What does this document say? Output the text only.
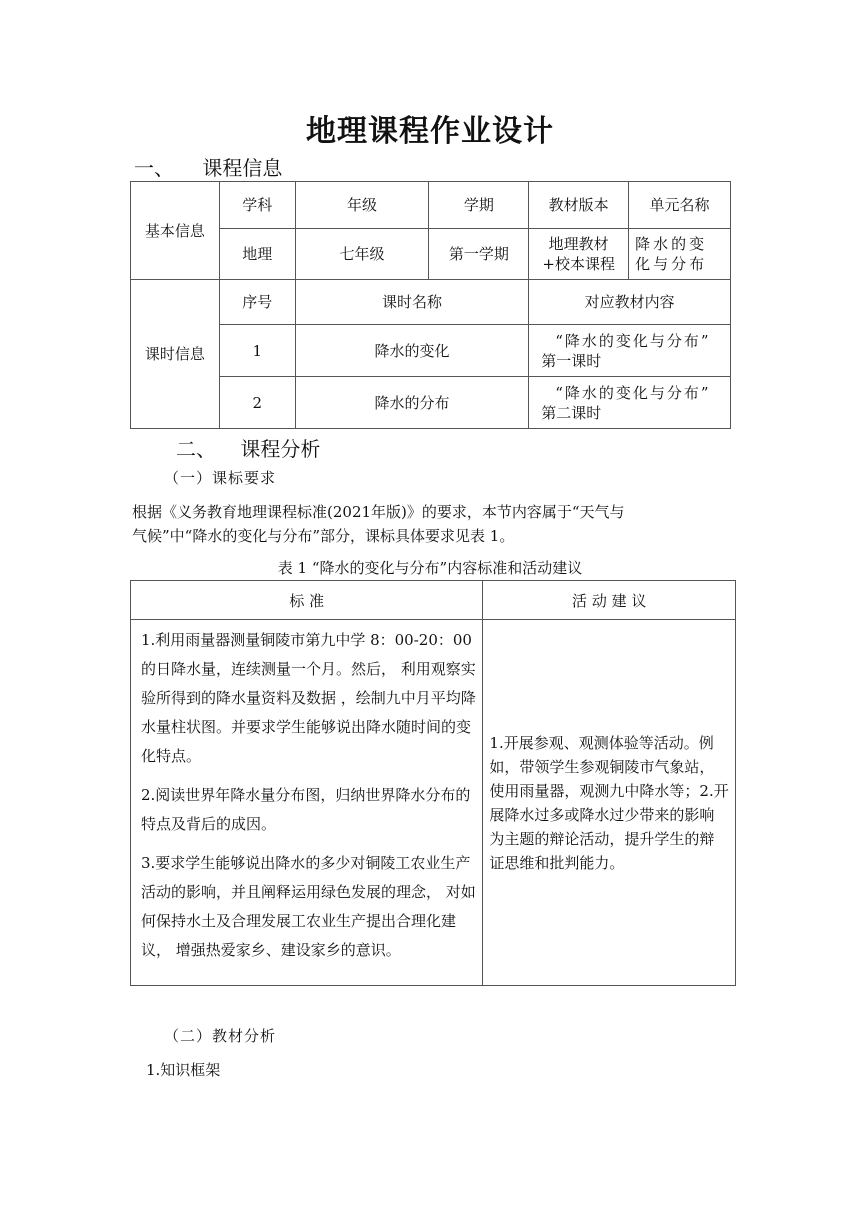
地理课程作业设计
一、 课程信息
基本信息	学科	年级	学期	教材版本	单元名称
	地理	七年级	第一学期	地理教材+校本课程	降水的变化与分布
课时信息	序号	课时名称		对应教材内容	
	1	降水的变化		“降水的变化与分布”
第一课时	

	2	降水的分布		“降水的变化与分布”
第二课时	
二、 课程分析
（一）课标要求
根据《义务教育地理课程标准(2021年版)》的要求，本节内容属于“天气与
气候”中“降水的变化与分布”部分，课标具体要求见表 1。
表 1 “降水的变化与分布”内容标准和活动建议
标 准	活 动 建 议

1.利用雨量器测量铜陵市第九中学 8：00-20：00 的日降水量，连续测量一个月。然后， 利用观察实验所得到的降水量资料及数据 ，绘制九中月平均降水量柱状图。并要求学生能够说出降水随时间的变化特点。

2.阅读世界年降水量分布图，归纳世界降水分布的特点及背后的成因。

3.要求学生能够说出降水的多少对铜陵工农业生产活动的影响，并且阐释运用绿色发展的理念， 对如何保持水土及合理发展工农业生产提出合理化建议， 增强热爱家乡、建设家乡的意识。	1.开展参观、观测体验等活动。例如，带领学生参观铜陵市气象站，使用雨量器，观测九中降水等；2.开展降水过多或降水过少带来的影响为主题的辩论活动，提升学生的辩证思维和批判能力。
（二）教材分析
1.知识框架
